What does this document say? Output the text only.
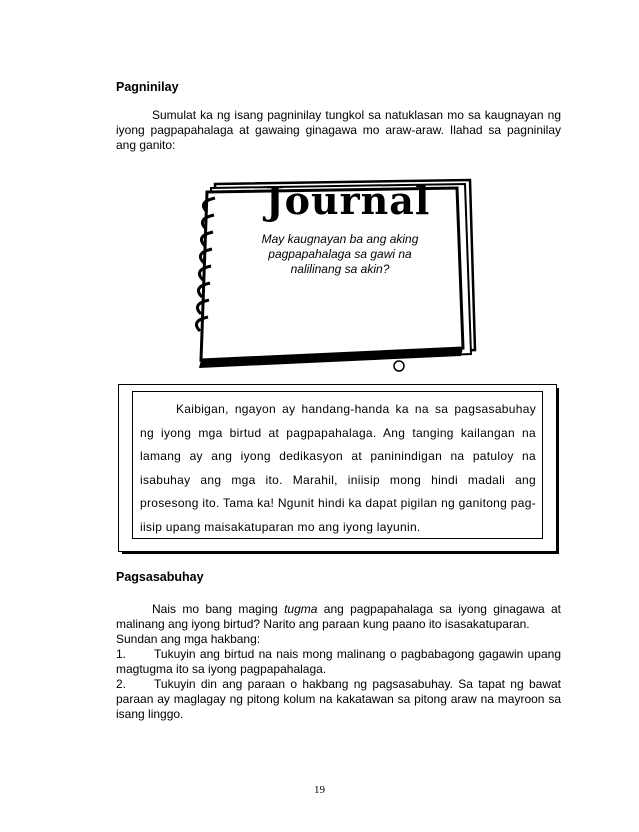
Pagninilay
Sumulat ka ng isang pagninilay tungkol sa natuklasan mo sa kaugnayan ng iyong pagpapahalaga at gawaing ginagawa mo araw-araw. Ilahad sa pagninilay ang ganito:
Journal
May kaugnayan ba ang aking pagpapahalaga sa gawi na nalilinang sa akin?
Kaibigan, ngayon ay handang-handa ka na sa pagsasabuhay ng iyong mga birtud at pagpapahalaga. Ang tanging kailangan na lamang ay ang iyong dedikasyon at paninindigan na patuloy na isabuhay ang mga ito. Marahil, iniisip mong hindi madali ang prosesong ito. Tama ka! Ngunit hindi ka dapat pigilan ng ganitong pag-iisip upang maisakatuparan mo ang iyong layunin.
Pagsasabuhay
Nais mo bang maging tugma ang pagpapahalaga sa iyong ginagawa at malinang ang iyong birtud? Narito ang paraan kung paano ito isasakatuparan.
Sundan ang mga hakbang:
1. Tukuyin ang birtud na nais mong malinang o pagbabagong gagawin upang magtugma ito sa iyong pagpapahalaga.
2. Tukuyin din ang paraan o hakbang ng pagsasabuhay. Sa tapat ng bawat paraan ay maglagay ng pitong kolum na kakatawan sa pitong araw na mayroon sa isang linggo.
19
